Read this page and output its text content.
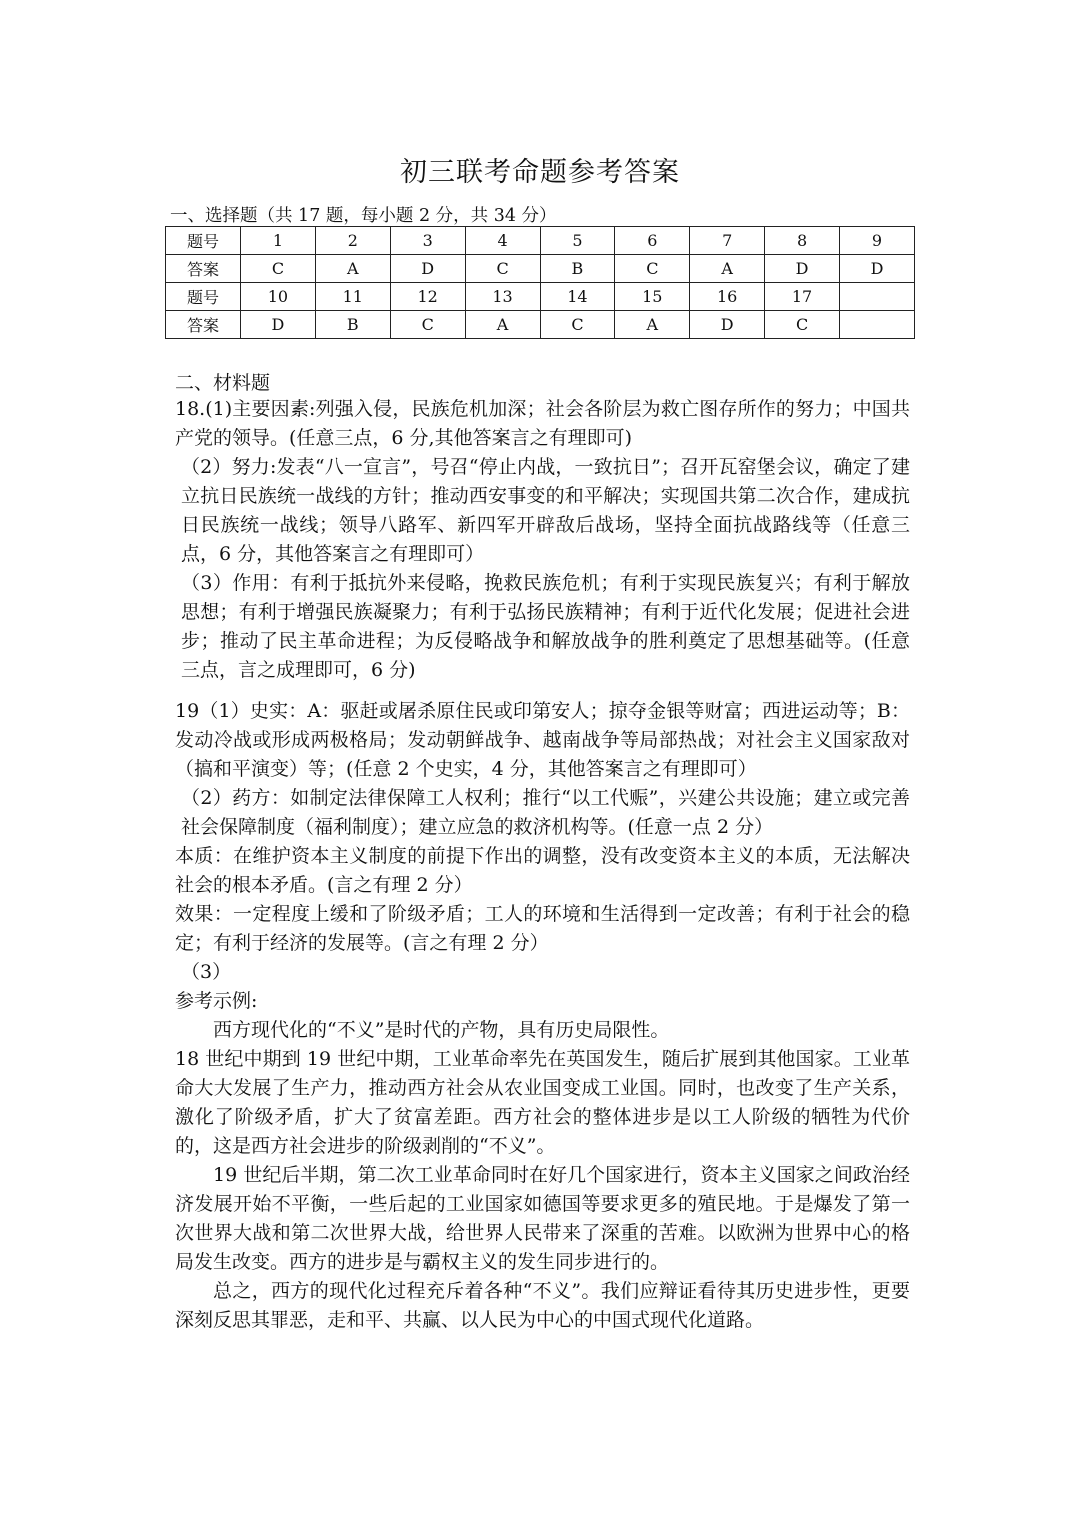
初三联考命题参考答案
一、选择题（共 17 题，每小题 2 分，共 34 分）
题号	1	2	3	4	5	6	7	8	9
答案	C	A	D	C	B	C	A	D	D
题号	10	11	12	13	14	15	16	17	
答案	D	B	C	A	C	A	D	C	
二、材料题

18.(1)主要因素:列强入侵，民族危机加深；社会各阶层为救亡图存所作的努力；中国共产党的领导。(任意三点，6 分,其他答案言之有理即可)

（2）努力:发表“八一宣言”，号召“停止内战，一致抗日”；召开瓦窑堡会议，确定了建立抗日民族统一战线的方针；推动西安事变的和平解决；实现国共第二次合作，建成抗日民族统一战线；领导八路军、新四军开辟敌后战场，坚持全面抗战路线等（任意三点，6 分，其他答案言之有理即可）

（3）作用：有利于抵抗外来侵略，挽救民族危机；有利于实现民族复兴；有利于解放思想；有利于增强民族凝聚力；有利于弘扬民族精神；有利于近代化发展；促进社会进步；推动了民主革命进程；为反侵略战争和解放战争的胜利奠定了思想基础等。(任意三点，言之成理即可，6 分)

19（1）史实：A：驱赶或屠杀原住民或印第安人；掠夺金银等财富；西进运动等；B：发动冷战或形成两极格局；发动朝鲜战争、越南战争等局部热战；对社会主义国家敌对（搞和平演变）等；(任意 2 个史实，4 分，其他答案言之有理即可）

（2）药方：如制定法律保障工人权利；推行“以工代赈”，兴建公共设施；建立或完善社会保障制度（福利制度）；建立应急的救济机构等。(任意一点 2 分）

本质：在维护资本主义制度的前提下作出的调整，没有改变资本主义的本质，无法解决社会的根本矛盾。(言之有理 2 分）

效果：一定程度上缓和了阶级矛盾；工人的环境和生活得到一定改善；有利于社会的稳定；有利于经济的发展等。(言之有理 2 分）

（3）

参考示例:

西方现代化的“不义”是时代的产物，具有历史局限性。

18 世纪中期到 19 世纪中期，工业革命率先在英国发生，随后扩展到其他国家。工业革命大大发展了生产力，推动西方社会从农业国变成工业国。同时，也改变了生产关系，激化了阶级矛盾，扩大了贫富差距。西方社会的整体进步是以工人阶级的牺牲为代价的，这是西方社会进步的阶级剥削的“不义”。

19 世纪后半期，第二次工业革命同时在好几个国家进行，资本主义国家之间政治经济发展开始不平衡，一些后起的工业国家如德国等要求更多的殖民地。于是爆发了第一次世界大战和第二次世界大战，给世界人民带来了深重的苦难。以欧洲为世界中心的格局发生改变。西方的进步是与霸权主义的发生同步进行的。

总之，西方的现代化过程充斥着各种“不义”。我们应辩证看待其历史进步性，更要深刻反思其罪恶，走和平、共赢、以人民为中心的中国式现代化道路。
